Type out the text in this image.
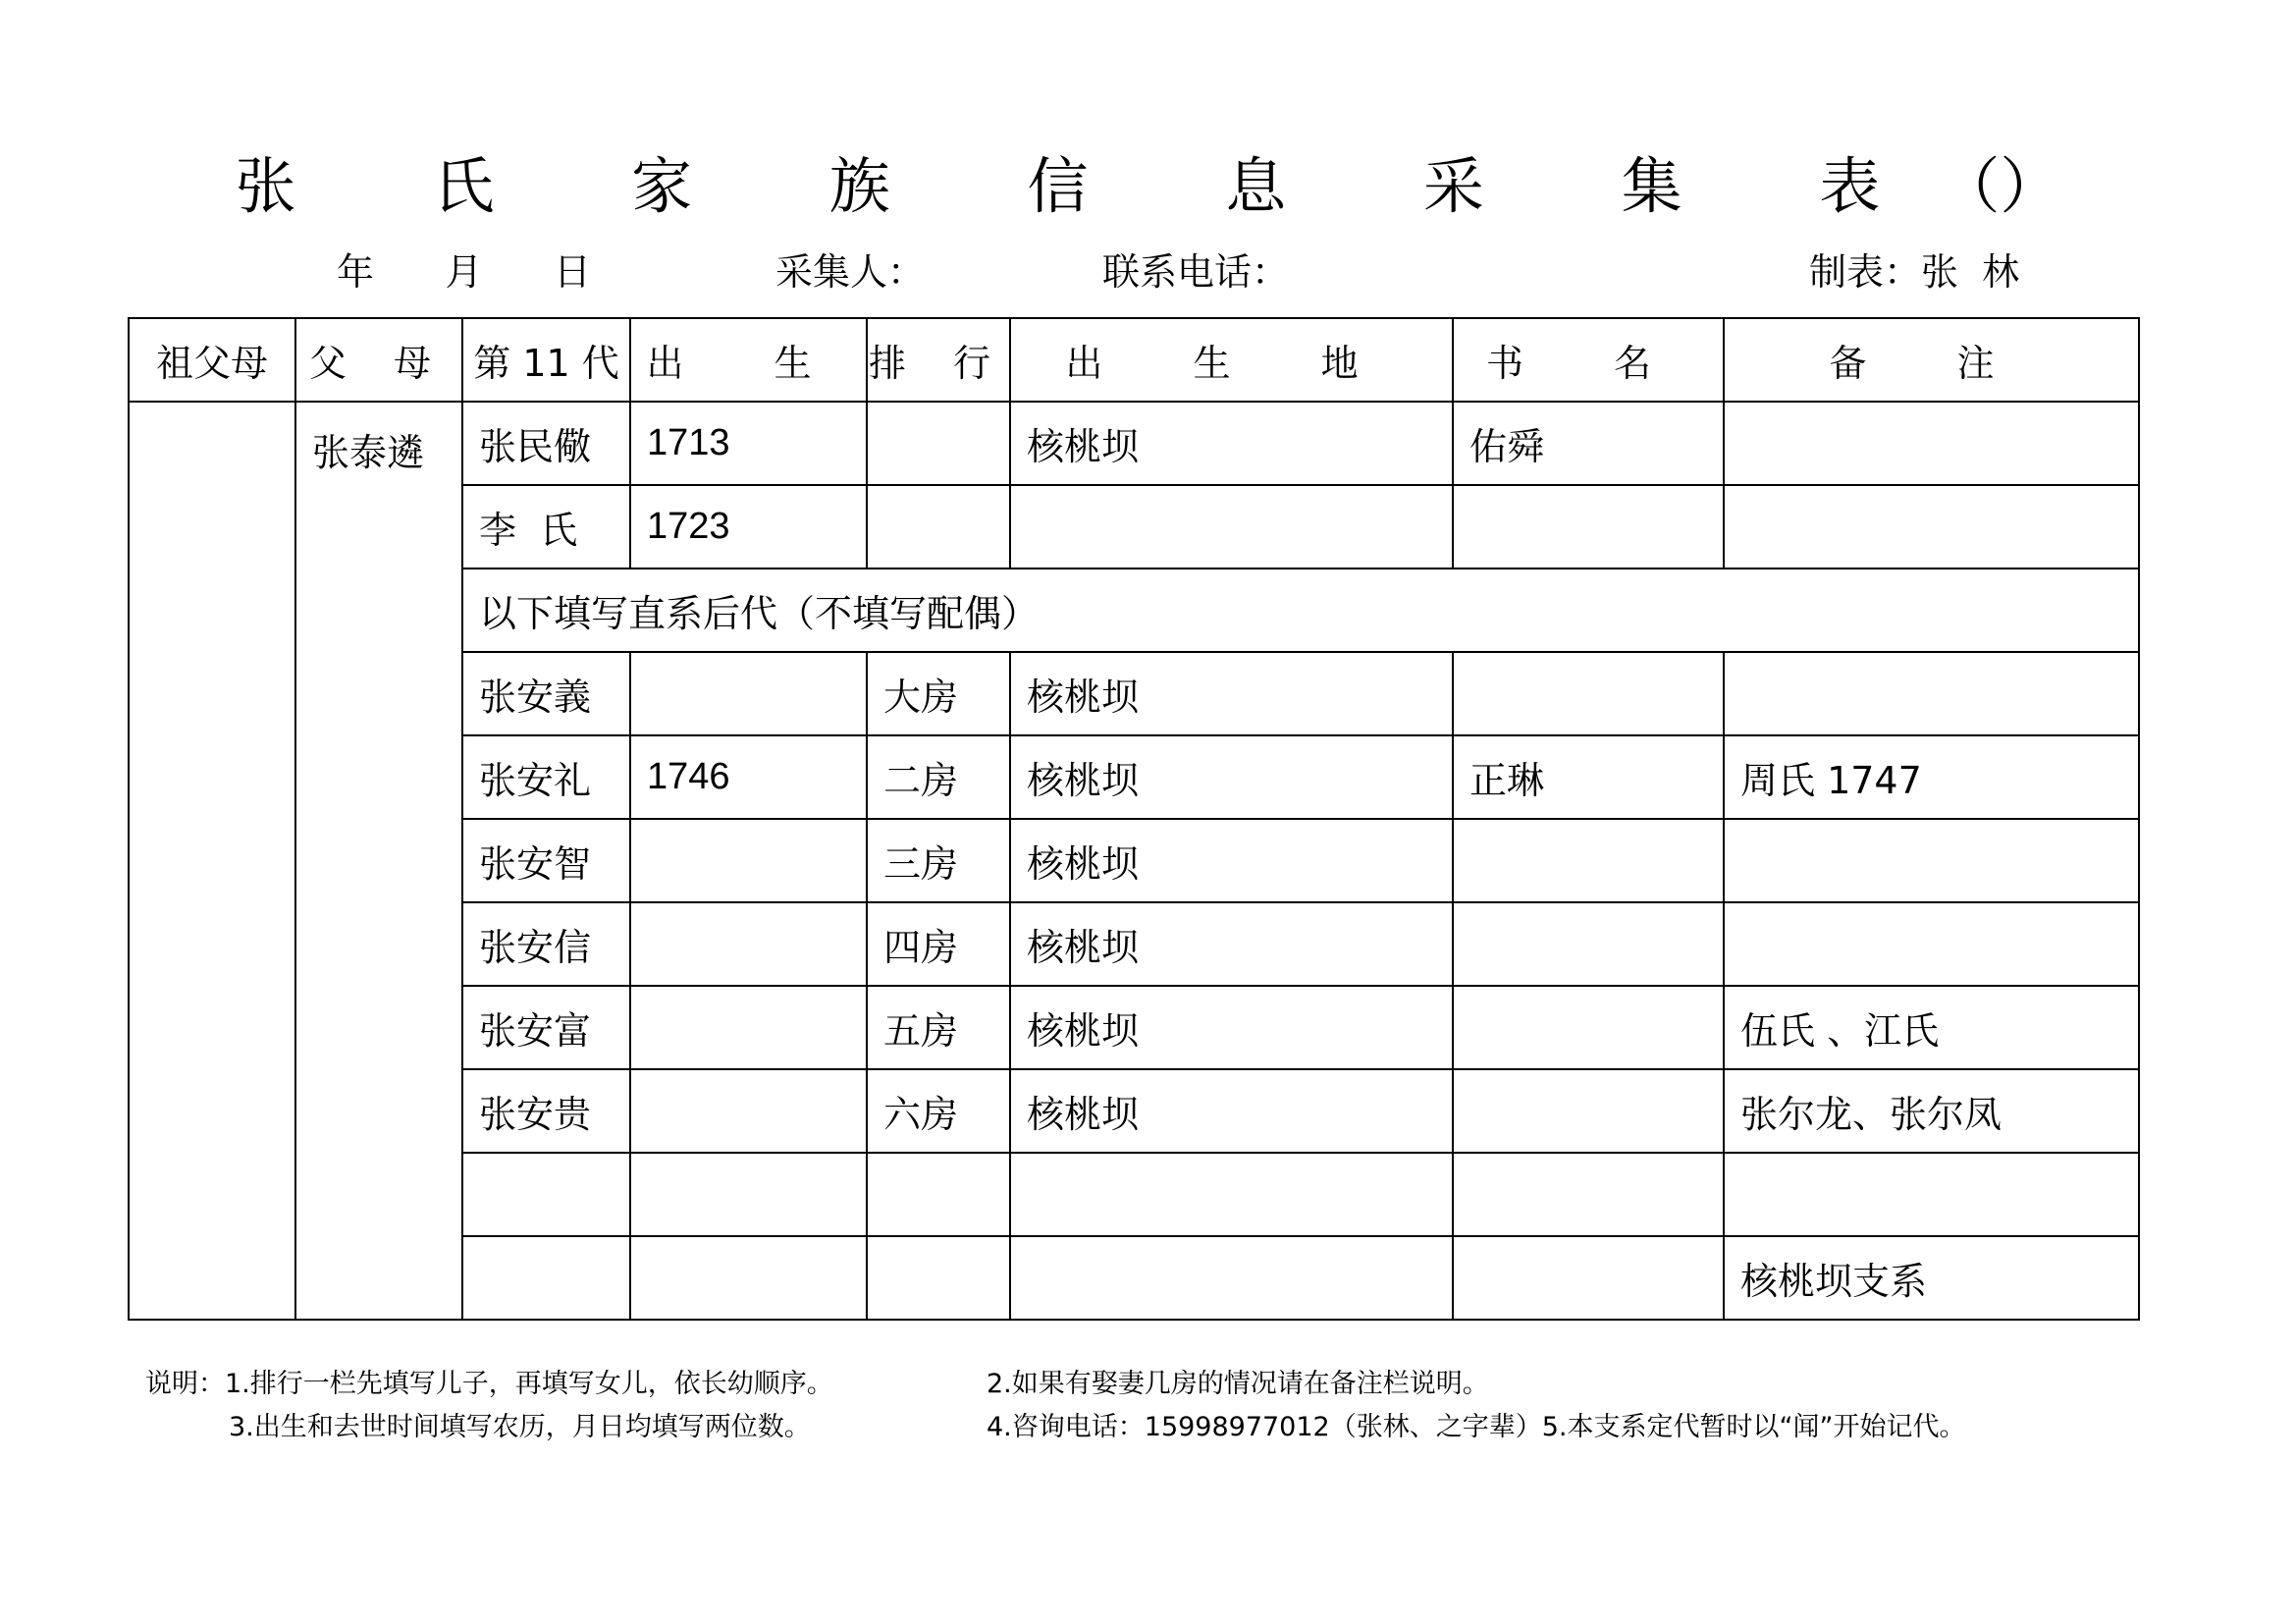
张 氏 家 族 信 息 采 集 表（）
年      月      日	采集人：	联系电话：	制表：张  林
祖父母	父 母	第 11 代	出 生	排 行	出 生 地	书 名	备 注
	张泰遴	张民儆	1713		核桃坝	佑舜	
		李  氏	1723				
		以下填写直系后代（不填写配偶）					
		张安義		大房	核桃坝		
		张安礼	1746	二房	核桃坝	正琳	周氏 1747
		张安智		三房	核桃坝		
		张安信		四房	核桃坝		
		张安富		五房	核桃坝		伍氏 、江氏
		张安贵		六房	核桃坝		张尔龙、张尔凤

							核桃坝支系
说明：1.排行一栏先填写儿子，再填写女儿，依长幼顺序。	2.如果有娶妻几房的情况请在备注栏说明。
3.出生和去世时间填写农历，月日均填写两位数。	4.咨询电话：15998977012（张林、之字辈）5.本支系定代暂时以“闻”开始记代。
